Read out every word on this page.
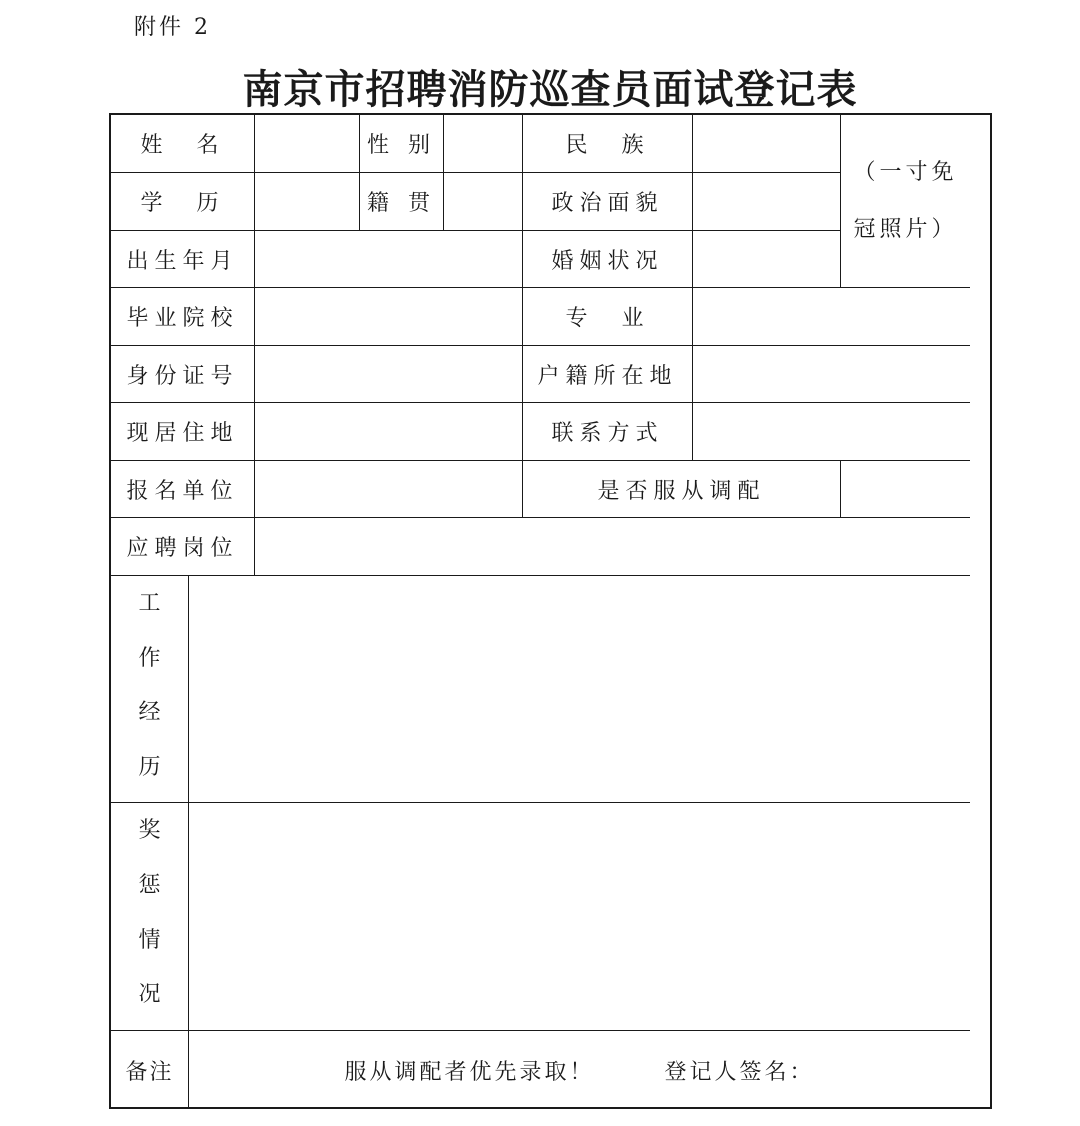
附件 2
南京市招聘消防巡查员面试登记表
姓　名	性 别	民　族
（一寸免
冠照片）
学　历	籍 贯	政治面貌
出生年月	婚姻状况
毕业院校	专　业
身份证号	户籍所在地
现居住地	联系方式
报名单位	是否服从调配
应聘岗位
工
作
经
历
奖
惩
情
况
备注	服从调配者优先录取！	登记人签名：
